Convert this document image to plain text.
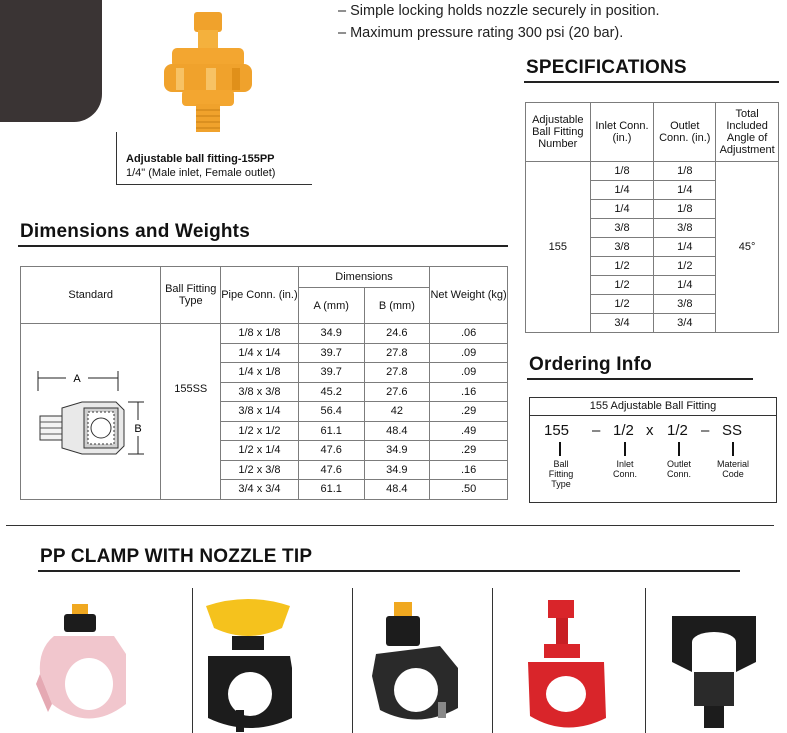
Adjustable ball fitting-155PP
1/4" (Male inlet, Female outlet)
– Simple locking holds nozzle securely in position.
– Maximum pressure rating 300 psi (20 bar).
SPECIFICATIONS
Adjustable Ball Fitting Number	Inlet Conn. (in.)	Outlet Conn. (in.)	Total Included Angle of Adjustment
155	1/8	1/8	45°
	1/4	1/4	
	1/4	1/8	
	3/8	3/8	
	3/8	1/4	
	1/2	1/2	
	1/2	1/4	
	1/2	3/8	
	3/4	3/4	
Dimensions and Weights
Standard	Ball Fitting Type	Pipe Conn. (in.)	Dimensions		Net Weight (kg)
			A (mm)	B (mm)	

A
B	155SS	1/8 x 1/8	34.9	24.6	.06
		1/4 x 1/4	39.7	27.8	.09
		1/4 x 1/8	39.7	27.8	.09
		3/8 x 3/8	45.2	27.6	.16
		3/8 x 1/4	56.4	42	.29
		1/2 x 1/2	61.1	48.4	.49
		1/2 x 1/4	47.6	34.9	.29
		1/2 x 3/8	47.6	34.9	.16
		3/4 x 3/4	61.1	48.4	.50
Ordering Info
155 Adjustable Ball Fitting
155 – 1/2 x 1/2 – SS
Ball Fitting Type
Inlet Conn.
Outlet Conn.
Material Code
PP CLAMP WITH NOZZLE TIP
